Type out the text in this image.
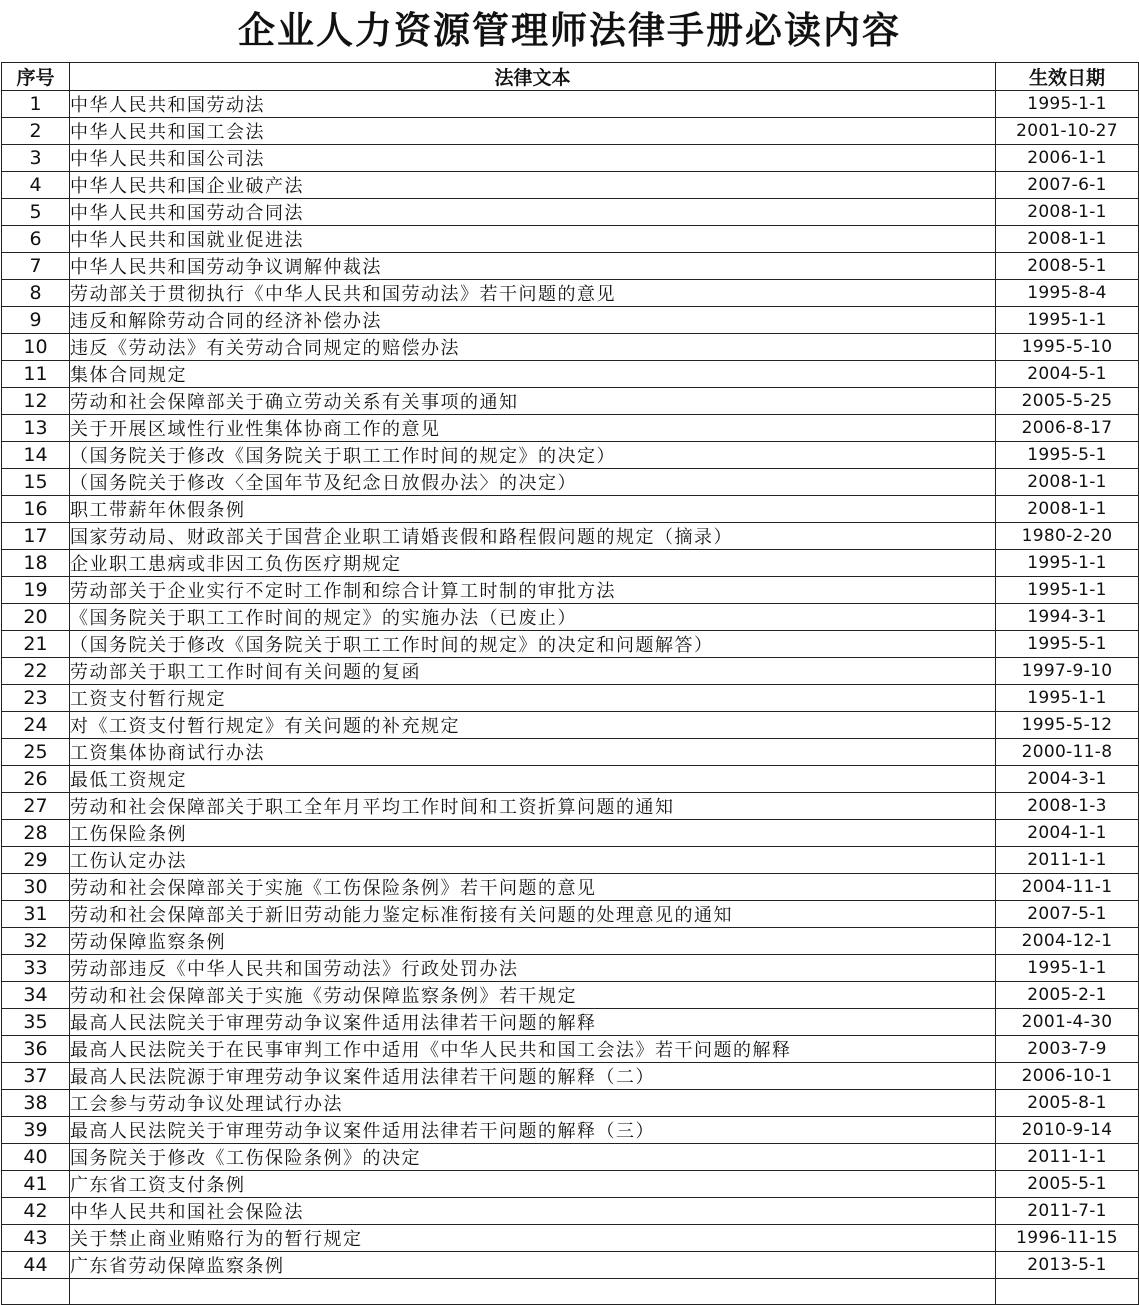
企业人力资源管理师法律手册必读内容
序号	法律文本	生效日期
1	中华人民共和国劳动法	1995-1-1
2	中华人民共和国工会法	2001-10-27
3	中华人民共和国公司法	2006-1-1
4	中华人民共和国企业破产法	2007-6-1
5	中华人民共和国劳动合同法	2008-1-1
6	中华人民共和国就业促进法	2008-1-1
7	中华人民共和国劳动争议调解仲裁法	2008-5-1
8	劳动部关于贯彻执行《中华人民共和国劳动法》若干问题的意见	1995-8-4
9	违反和解除劳动合同的经济补偿办法	1995-1-1
10	违反《劳动法》有关劳动合同规定的赔偿办法	1995-5-10
11	集体合同规定	2004-5-1
12	劳动和社会保障部关于确立劳动关系有关事项的通知	2005-5-25
13	关于开展区域性行业性集体协商工作的意见	2006-8-17
14	（国务院关于修改《国务院关于职工工作时间的规定》的决定）	1995-5-1
15	（国务院关于修改〈全国年节及纪念日放假办法〉的决定）	2008-1-1
16	职工带薪年休假条例	2008-1-1
17	国家劳动局、财政部关于国营企业职工请婚丧假和路程假问题的规定（摘录）	1980-2-20
18	企业职工患病或非因工负伤医疗期规定	1995-1-1
19	劳动部关于企业实行不定时工作制和综合计算工时制的审批方法	1995-1-1
20	《国务院关于职工工作时间的规定》的实施办法（已废止）	1994-3-1
21	（国务院关于修改《国务院关于职工工作时间的规定》的决定和问题解答）	1995-5-1
22	劳动部关于职工工作时间有关问题的复函	1997-9-10
23	工资支付暂行规定	1995-1-1
24	对《工资支付暂行规定》有关问题的补充规定	1995-5-12
25	工资集体协商试行办法	2000-11-8
26	最低工资规定	2004-3-1
27	劳动和社会保障部关于职工全年月平均工作时间和工资折算问题的通知	2008-1-3
28	工伤保险条例	2004-1-1
29	工伤认定办法	2011-1-1
30	劳动和社会保障部关于实施《工伤保险条例》若干问题的意见	2004-11-1
31	劳动和社会保障部关于新旧劳动能力鉴定标准衔接有关问题的处理意见的通知	2007-5-1
32	劳动保障监察条例	2004-12-1
33	劳动部违反《中华人民共和国劳动法》行政处罚办法	1995-1-1
34	劳动和社会保障部关于实施《劳动保障监察条例》若干规定	2005-2-1
35	最高人民法院关于审理劳动争议案件适用法律若干问题的解释	2001-4-30
36	最高人民法院关于在民事审判工作中适用《中华人民共和国工会法》若干问题的解释	2003-7-9
37	最高人民法院源于审理劳动争议案件适用法律若干问题的解释（二）	2006-10-1
38	工会参与劳动争议处理试行办法	2005-8-1
39	最高人民法院关于审理劳动争议案件适用法律若干问题的解释（三）	2010-9-14
40	国务院关于修改《工伤保险条例》的决定	2011-1-1
41	广东省工资支付条例	2005-5-1
42	中华人民共和国社会保险法	2011-7-1
43	关于禁止商业贿赂行为的暂行规定	1996-11-15
44	广东省劳动保障监察条例	2013-5-1
